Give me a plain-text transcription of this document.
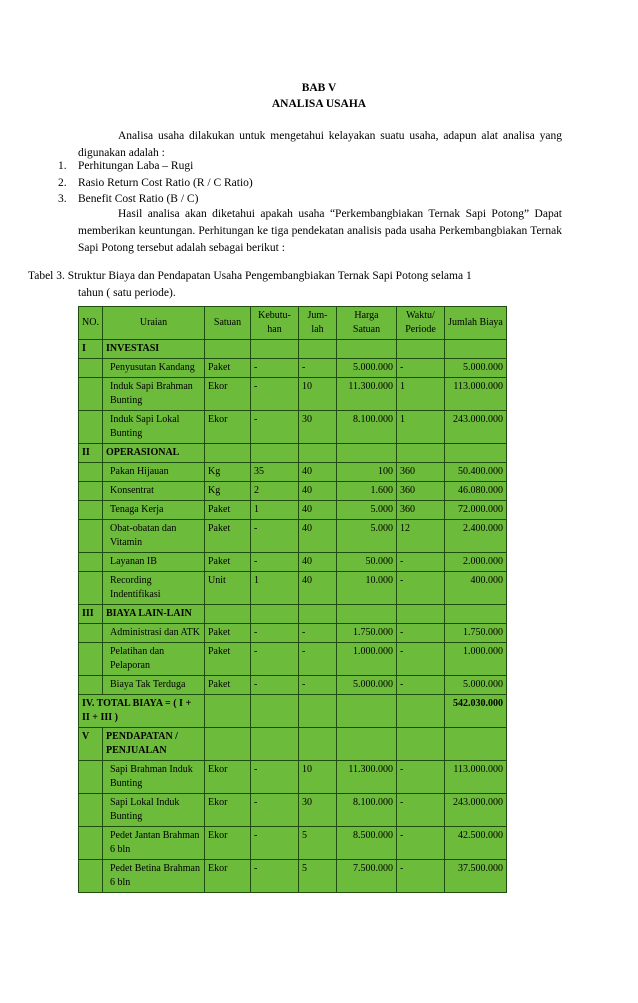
BAB V
ANALISA USAHA
Analisa usaha dilakukan untuk mengetahui kelayakan suatu usaha, adapun alat analisa yang digunakan adalah :
1. Perhitungan Laba – Rugi
2. Rasio Return Cost Ratio (R / C Ratio)
3. Benefit Cost Ratio (B / C)
Hasil analisa akan diketahui apakah usaha “Perkembangbiakan Ternak Sapi Potong” Dapat memberikan keuntungan. Perhitungan ke tiga pendekatan analisis pada usaha Perkembangbiakan Ternak Sapi Potong tersebut adalah sebagai berikut :
Tabel 3. Struktur Biaya dan Pendapatan Usaha Pengembangbiakan Ternak Sapi Potong selama 1
tahun ( satu periode).
NO.	Uraian	Satuan	Kebutu-han	Jum-lah	Harga Satuan	Waktu/ Periode	Jumlah Biaya
I	INVESTASI						
	Penyusutan Kandang	Paket	-	-	5.000.000	-	5.000.000
	Induk Sapi Brahman Bunting	Ekor	-	10	11.300.000	1	113.000.000
	Induk Sapi Lokal Bunting	Ekor	-	30	8.100.000	1	243.000.000
II	OPERASIONAL						
	Pakan Hijauan	Kg	35	40	100	360	50.400.000
	Konsentrat	Kg	2	40	1.600	360	46.080.000
	Tenaga Kerja	Paket	1	40	5.000	360	72.000.000
	Obat-obatan dan Vitamin	Paket	-	40	5.000	12	2.400.000
	Layanan IB	Paket	-	40	50.000	-	2.000.000
	Recording Indentifikasi	Unit	1	40	10.000	-	400.000
III	BIAYA LAIN-LAIN						
	Administrasi dan ATK	Paket	-	-	1.750.000	-	1.750.000
	Pelatihan dan Pelaporan	Paket	-	-	1.000.000	-	1.000.000
	Biaya Tak Terduga	Paket	-	-	5.000.000	-	5.000.000
IV. TOTAL BIAYA = ( I + II + III )							542.030.000
V	PENDAPATAN / PENJUALAN						
	Sapi Brahman Induk Bunting	Ekor	-	10	11.300.000	-	113.000.000
	Sapi Lokal Induk Bunting	Ekor	-	30	8.100.000	-	243.000.000
	Pedet Jantan Brahman 6 bln	Ekor	-	5	8.500.000	-	42.500.000
	Pedet Betina Brahman 6 bln	Ekor	-	5	7.500.000	-	37.500.000
